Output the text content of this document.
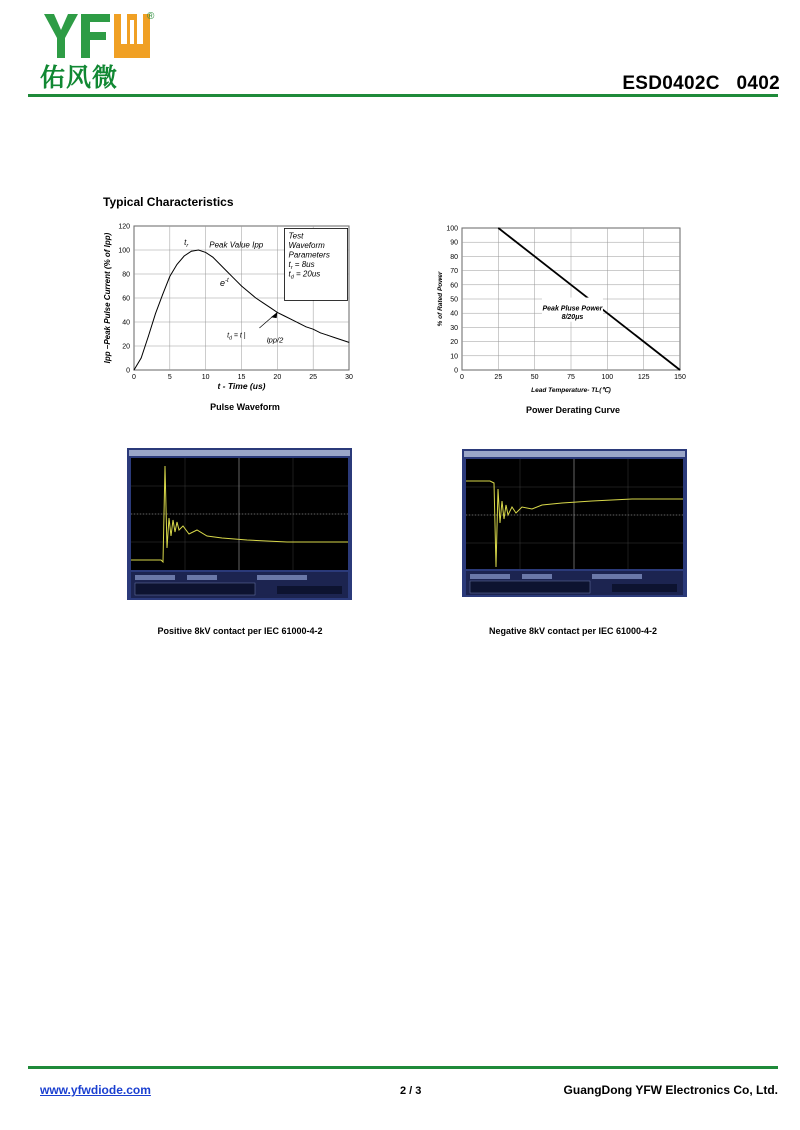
®
佑风微	ESD0402C   0402
Typical Characteristics
0
20
40
60
80
100
120
0	5	10	15	20	25	30
t - Time (us)
Ipp –Peak Pulse Current (% of Ipp)	$t_r$	Peak Value Ipp
$e^{-t}$
$t_d = t$ |	Ipp/2
Test
Waveform
Parameters
$t_r = 8us$
$t_d = 20us$
Pulse Waveform
0
10
20
30
40
50
60
70
80
90
100
0	25	50	75	100	125	150
Lead Temperature- TL(℃)
% of Rated Power	Peak Pluse Power
8/20μs
Power Derating Curve
Positive 8kV contact per IEC 61000-4-2	Negative 8kV contact per IEC 61000-4-2
www.yfwdiode.com	2 / 3	GuangDong YFW Electronics Co, Ltd.
